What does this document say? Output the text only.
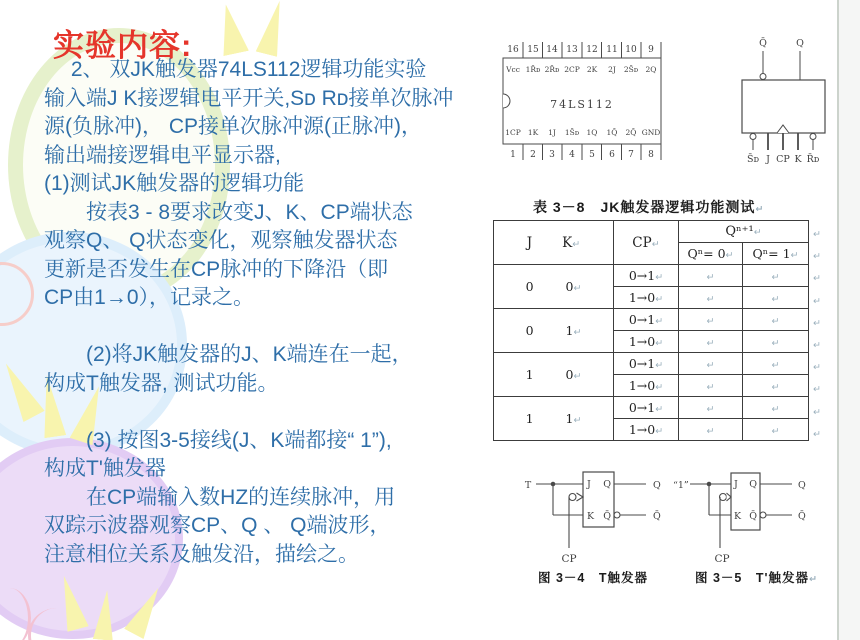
实验内容:
　 2、 双JK触发器74LS112逻辑功能实验
输入端J K接逻辑电平开关,Sᴅ Rᴅ接单次脉冲
源(负脉冲)， CP接单次脉冲源(正脉冲)，
输出端接逻辑电平显示器,
(1)测试JK触发器的逻辑功能
　　按表3 - 8要求改变J、K、CP端状态
观察Q、 Q状态变化，观察触发器状态
更新是否发生在CP脉冲的下降沿（即
CP由1→0），记录之。
　　(2)将JK触发器的J、K端连在一起，
构成T触发器, 测试功能。
　　(3) 按图3-5接线(J、K端都接“ 1”),
构成T'触发器
　　在CP端输入数HZ的连续脉冲，用
双踪示波器观察CP、Q 、 Q端波形，
注意相位关系及触发沿，描绘之。
16 15 14 13 12 11 10 9
Vcc 1R̄ᴅ 2R̄ᴅ 2CP 2K 2J 2S̄ᴅ 2Q
74LS112
1CP 1K 1J 1S̄ᴅ 1Q 1Q̄ 2Q̄ GND
1 2 3 4 5 6 7 8
Q̄	Q
S̄ᴅ J CP K R̄ᴅ
表 3－8　JK触发器逻辑功能测试↵
J K↵	CP↵	Qⁿ⁺¹↵	
		Qⁿ= 0↵	Qⁿ= 1↵
0 0↵	0→1↵	↵	↵
	1→0↵	↵	↵
0 1↵	0→1↵	↵	↵
	1→0↵	↵	↵
1 0↵	0→1↵	↵	↵
	1→0↵	↵	↵
1 1↵	0→1↵	↵	↵
	1→0↵	↵	↵
↵
↵
↵
↵
↵
↵
↵
↵
↵
↵
T	J Q
K Q̄
Q
Q̄
CP
图 3－4　T触发器
“1”	J Q
K Q̄
Q
Q̄
CP
图 3－5　T'触发器↵
